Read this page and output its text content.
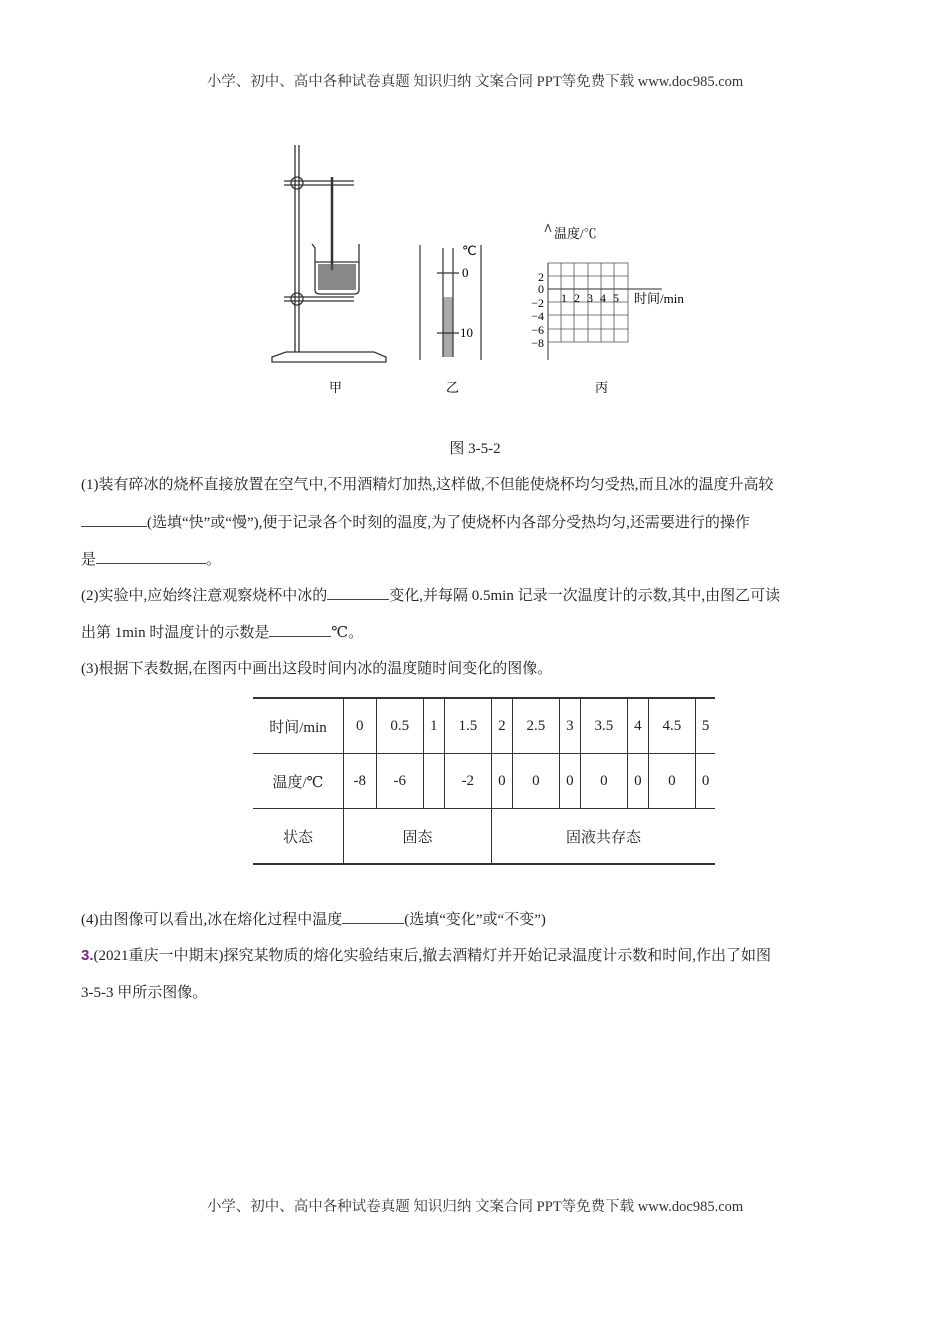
小学、初中、高中各种试卷真题 知识归纳 文案合同 PPT等免费下载 www.doc985.com
℃
0
10
温度/℃
时间/min
2
0
−2
−4
−6
−8
1 2 3 4 5
甲	乙	丙
图 3-5-2
(1)装有碎冰的烧杯直接放置在空气中,不用酒精灯加热,这样做,不但能使烧杯均匀受热,而且冰的温度升高较
(选填“快”或“慢”),便于记录各个时刻的温度,为了使烧杯内各部分受热均匀,还需要进行的操作
是	。
(2)实验中,应始终注意观察烧杯中冰的	变化,并每隔 0.5min 记录一次温度计的示数,其中,由图乙可读
出第 1min 时温度计的示数是	℃。
(3)根据下表数据,在图丙中画出这段时间内冰的温度随时间变化的图像。
时间/min	0	0.5	1	1.5	2	2.5	3	3.5	4	4.5	5
温度/℃	-8	-6		-2	0	0	0	0	0	0	0
状态	固态				固液共存态						
(4)由图像可以看出,冰在熔化过程中温度	(选填“变化”或“不变”)
3.(2021重庆一中期末)探究某物质的熔化实验结束后,撤去酒精灯并开始记录温度计示数和时间,作出了如图
3-5-3 甲所示图像。
小学、初中、高中各种试卷真题 知识归纳 文案合同 PPT等免费下载 www.doc985.com
